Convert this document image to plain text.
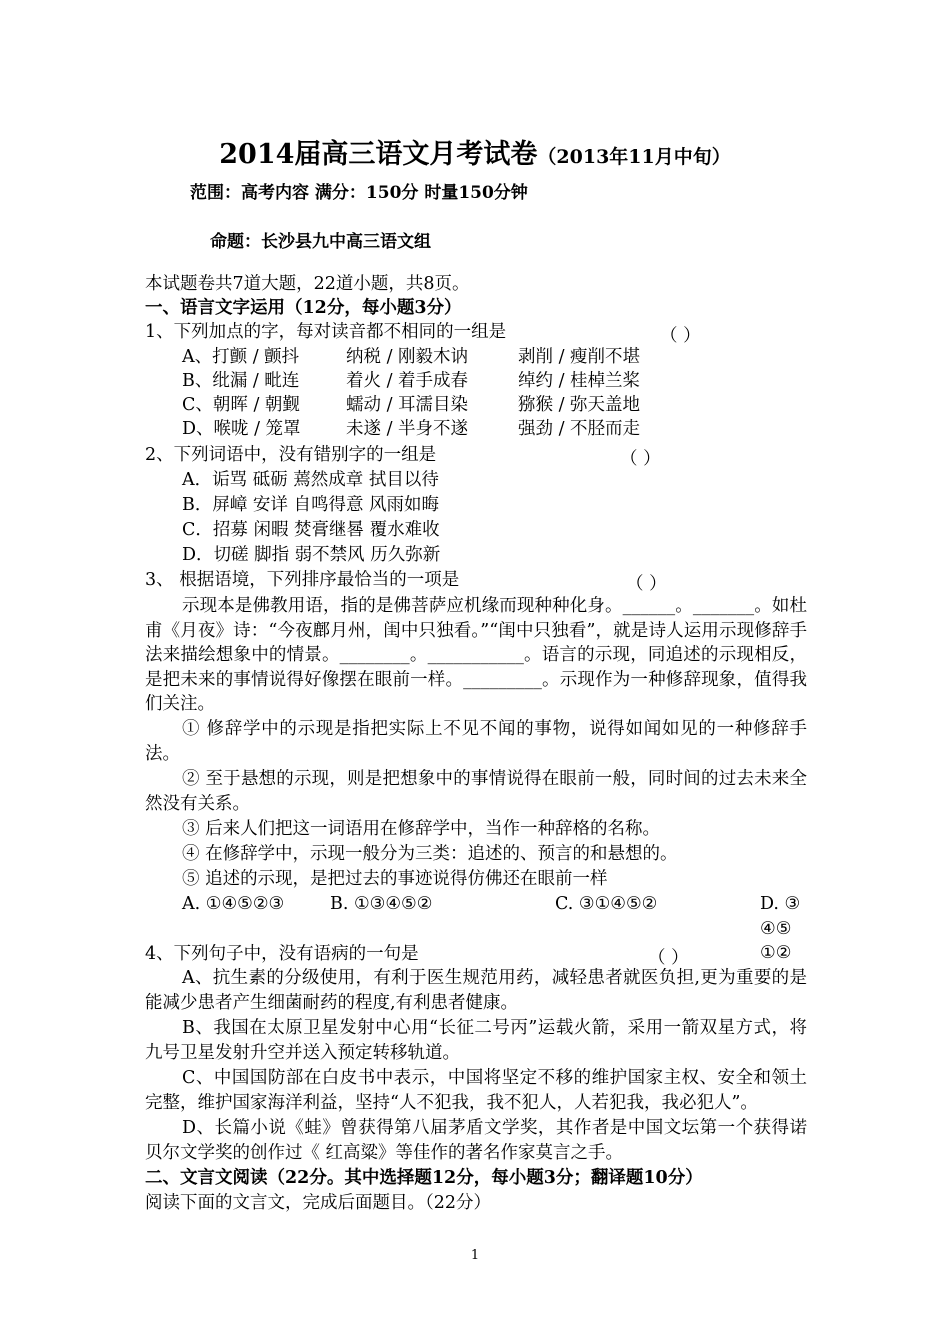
2014届高三语文月考试卷（2013年11月中旬）
范围：高考内容 满分：150分 时量150分钟
命题：长沙县九中高三语文组
本试题卷共7道大题，22道小题，共8页。
一、语言文字运用（12分，每小题3分）
1、下列加点的字，每对读音都不相同的一组是	（ ）
A、打颤 / 颤抖	纳税 / 刚毅木讷	剥削 / 瘦削不堪
B、纰漏 / 毗连	着火 / 着手成春	绰约 / 桂棹兰桨
C、朝晖 / 朝觐	蠕动 / 耳濡目染	猕猴 / 弥天盖地
D、喉咙 / 笼罩	未遂 / 半身不遂	强劲 / 不胫而走
2、下列词语中，没有错别字的一组是	（ ）
A．诟骂 砥砺 蔫然成章 拭目以待
B．屏嶂 安详 自鸣得意 风雨如晦
C．招募 闲暇 焚膏继晷 覆水难收
D．切磋 脚指 弱不禁风 历久弥新
3、 根据语境，下列排序最恰当的一项是	（ ）
示现本是佛教用语，指的是佛菩萨应机缘而现种种化身。______。_______。如杜甫《月夜》诗：“今夜鄜月州，闺中只独看。”“闺中只独看”，就是诗人运用示现修辞手法来描绘想象中的情景。________。___________。语言的示现，同追述的示现相反，是把未来的事情说得好像摆在眼前一样。_________。示现作为一种修辞现象，值得我们关注。
① 修辞学中的示现是指把实际上不见不闻的事物，说得如闻如见的一种修辞手法。
② 至于悬想的示现，则是把想象中的事情说得在眼前一般，同时间的过去未来全然没有关系。
③ 后来人们把这一词语用在修辞学中，当作一种辞格的名称。
④ 在修辞学中，示现一般分为三类：追述的、预言的和悬想的。
⑤ 追述的示现，是把过去的事迹说得仿佛还在眼前一样
A. ①④⑤②③	B. ①③④⑤②	C. ③①④⑤②	D. ③④⑤①②
4、下列句子中，没有语病的一句是	（ ）
A、抗生素的分级使用，有利于医生规范用药，减轻患者就医负担,更为重要的是能减少患者产生细菌耐药的程度,有利患者健康。
B、我国在太原卫星发射中心用“长征二号丙”运载火箭，采用一箭双星方式，将九号卫星发射升空并送入预定转移轨道。
C、中国国防部在白皮书中表示，中国将坚定不移的维护国家主权、安全和领土完整，维护国家海洋利益，坚持“人不犯我，我不犯人，人若犯我，我必犯人”。
D、长篇小说《蛙》曾获得第八届茅盾文学奖，其作者是中国文坛第一个获得诺贝尔文学奖的创作过《 红高粱》等佳作的著名作家莫言之手。
二、文言文阅读（22分。其中选择题12分，每小题3分；翻译题10分）
阅读下面的文言文，完成后面题目。（22分）
1
